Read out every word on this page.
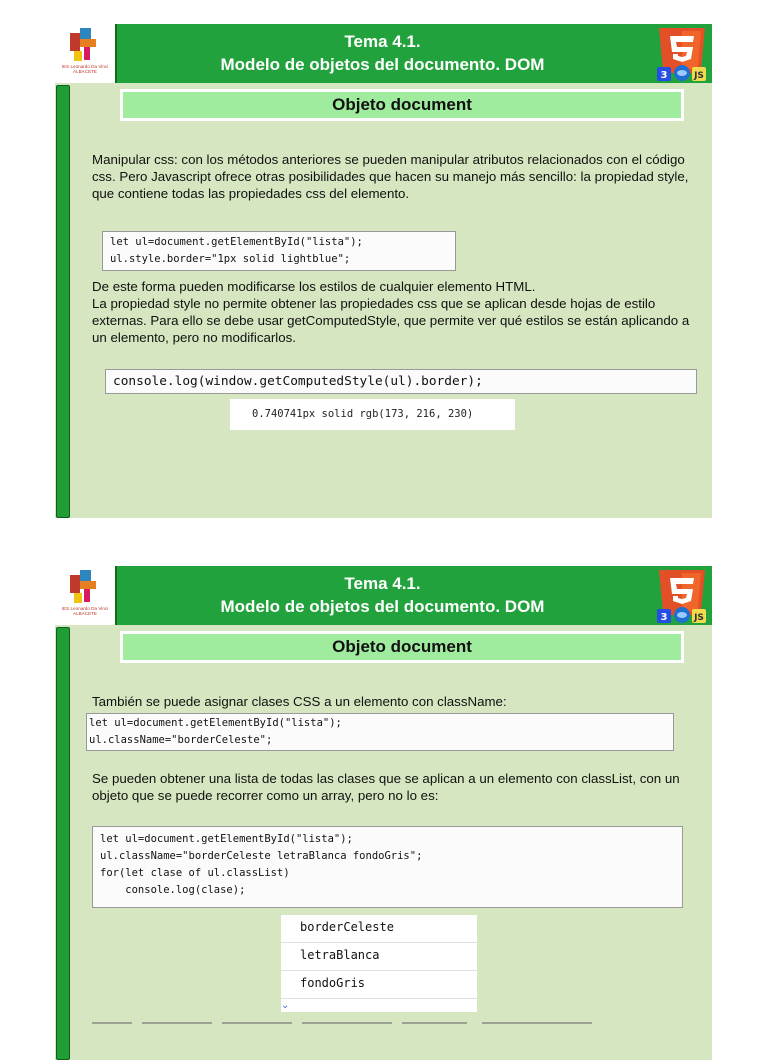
IES Leonardo Da Vinci
ALBACETE
Tema 4.1.
Modelo de objetos del documento. DOM
3	JS
Objeto document
Manipular css: con los métodos anteriores se pueden manipular atributos relacionados con el código css. Pero Javascript ofrece otras posibilidades que hacen su manejo más sencillo: la propiedad style, que contiene todas las propiedades css del elemento.
let ul=document.getElementById("lista");
ul.style.border="1px solid lightblue";
De este forma pueden modificarse los estilos de cualquier elemento HTML.
La propiedad style no permite obtener las propiedades css que se aplican desde hojas de estilo externas. Para ello se debe usar getComputedStyle, que permite ver qué estilos se están aplicando a un elemento, pero no modificarlos.
console.log(window.getComputedStyle(ul).border);
0.740741px solid rgb(173, 216, 230)
IES Leonardo Da Vinci
ALBACETE
Tema 4.1.
Modelo de objetos del documento. DOM
3	JS
Objeto document
También se puede asignar clases CSS a un elemento con className:
let ul=document.getElementById("lista");
ul.className="borderCeleste";
Se pueden obtener una lista de todas las clases que se aplican a un elemento con classList, con un objeto que se puede recorrer como un array, pero no lo es:
let ul=document.getElementById("lista");
ul.className="borderCeleste letraBlanca fondoGris";
for(let clase of ul.classList)
console.log(clase);
borderCeleste
letraBlanca
fondoGris
⌄
